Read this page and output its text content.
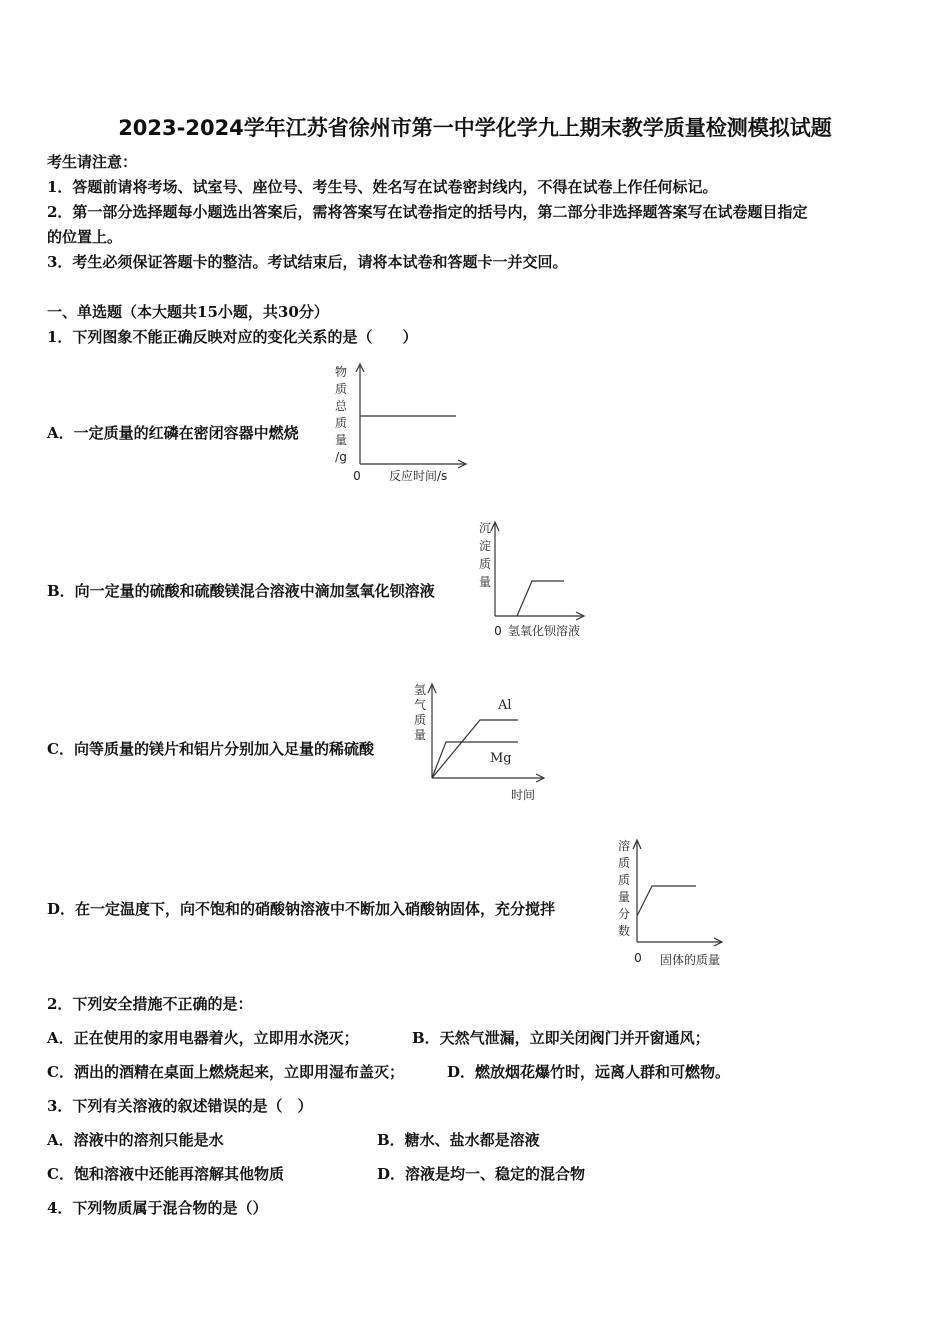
2023-2024学年江苏省徐州市第一中学化学九上期末教学质量检测模拟试题
考生请注意：
1．答题前请将考场、试室号、座位号、考生号、姓名写在试卷密封线内，不得在试卷上作任何标记。
2．第一部分选择题每小题选出答案后，需将答案写在试卷指定的括号内，第二部分非选择题答案写在试卷题目指定
的位置上。
3．考生必须保证答题卡的整洁。考试结束后，请将本试卷和答题卡一并交回。
一、单选题（本大题共15小题，共30分）
1．下列图象不能正确反映对应的变化关系的是（　　）
A．一定质量的红磷在密闭容器中燃烧
物
质
总
质
量
/g
0 反应时间/s
B．向一定量的硫酸和硫酸镁混合溶液中滴加氢氧化钡溶液
沉
淀
质
量
0 氢氧化钡溶液
C．向等质量的镁片和铝片分别加入足量的稀硫酸
氢
气
质
量
Al
Mg
时间
D．在一定温度下，向不饱和的硝酸钠溶液中不断加入硝酸钠固体，充分搅拌
溶
质
质
量
分
数
0 固体的质量
2．下列安全措施不正确的是：
A．正在使用的家用电器着火，立即用水浇灭；	B．天然气泄漏，立即关闭阀门并开窗通风；
C．洒出的酒精在桌面上燃烧起来，立即用湿布盖灭；	D．燃放烟花爆竹时，远离人群和可燃物。
3．下列有关溶液的叙述错误的是（　）
A．溶液中的溶剂只能是水	B．糖水、盐水都是溶液
C．饱和溶液中还能再溶解其他物质	D．溶液是均一、稳定的混合物
4．下列物质属于混合物的是（）
